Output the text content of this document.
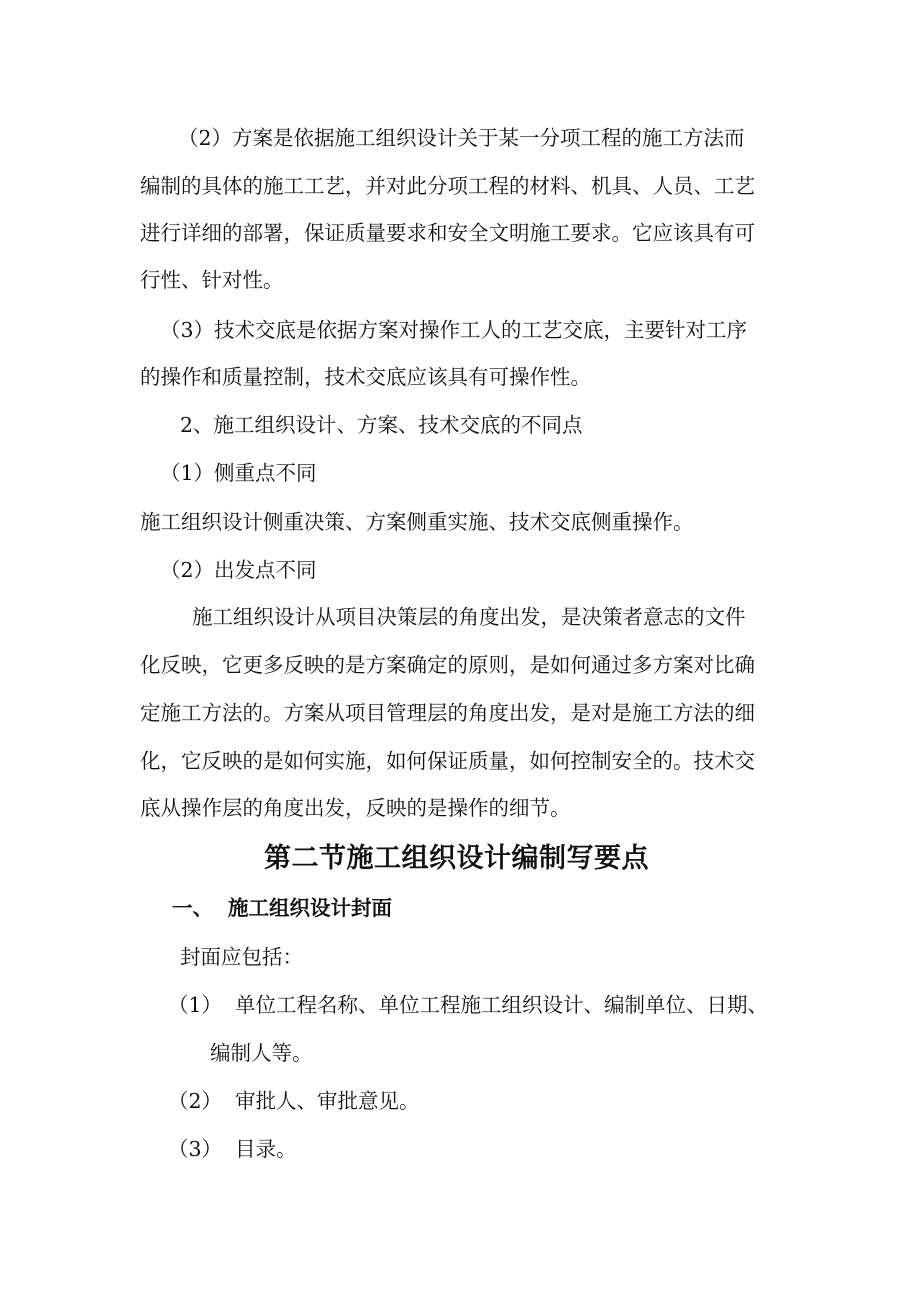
（2）方案是依据施工组织设计关于某一分项工程的施工方法而
编制的具体的施工工艺，并对此分项工程的材料、机具、人员、工艺
进行详细的部署，保证质量要求和安全文明施工要求。它应该具有可
行性、针对性。
（3）技术交底是依据方案对操作工人的工艺交底，主要针对工序
的操作和质量控制，技术交底应该具有可操作性。
2、施工组织设计、方案、技术交底的不同点
（1）侧重点不同
施工组织设计侧重决策、方案侧重实施、技术交底侧重操作。
（2）出发点不同
施工组织设计从项目决策层的角度出发，是决策者意志的文件
化反映，它更多反映的是方案确定的原则，是如何通过多方案对比确
定施工方法的。方案从项目管理层的角度出发，是对是施工方法的细
化，它反映的是如何实施，如何保证质量，如何控制安全的。技术交
底从操作层的角度出发，反映的是操作的细节。
第二节施工组织设计编制写要点
一、 施工组织设计封面
封面应包括：
（1） 单位工程名称、单位工程施工组织设计、编制单位、日期、
编制人等。
（2） 审批人、审批意见。
（3） 目录。
